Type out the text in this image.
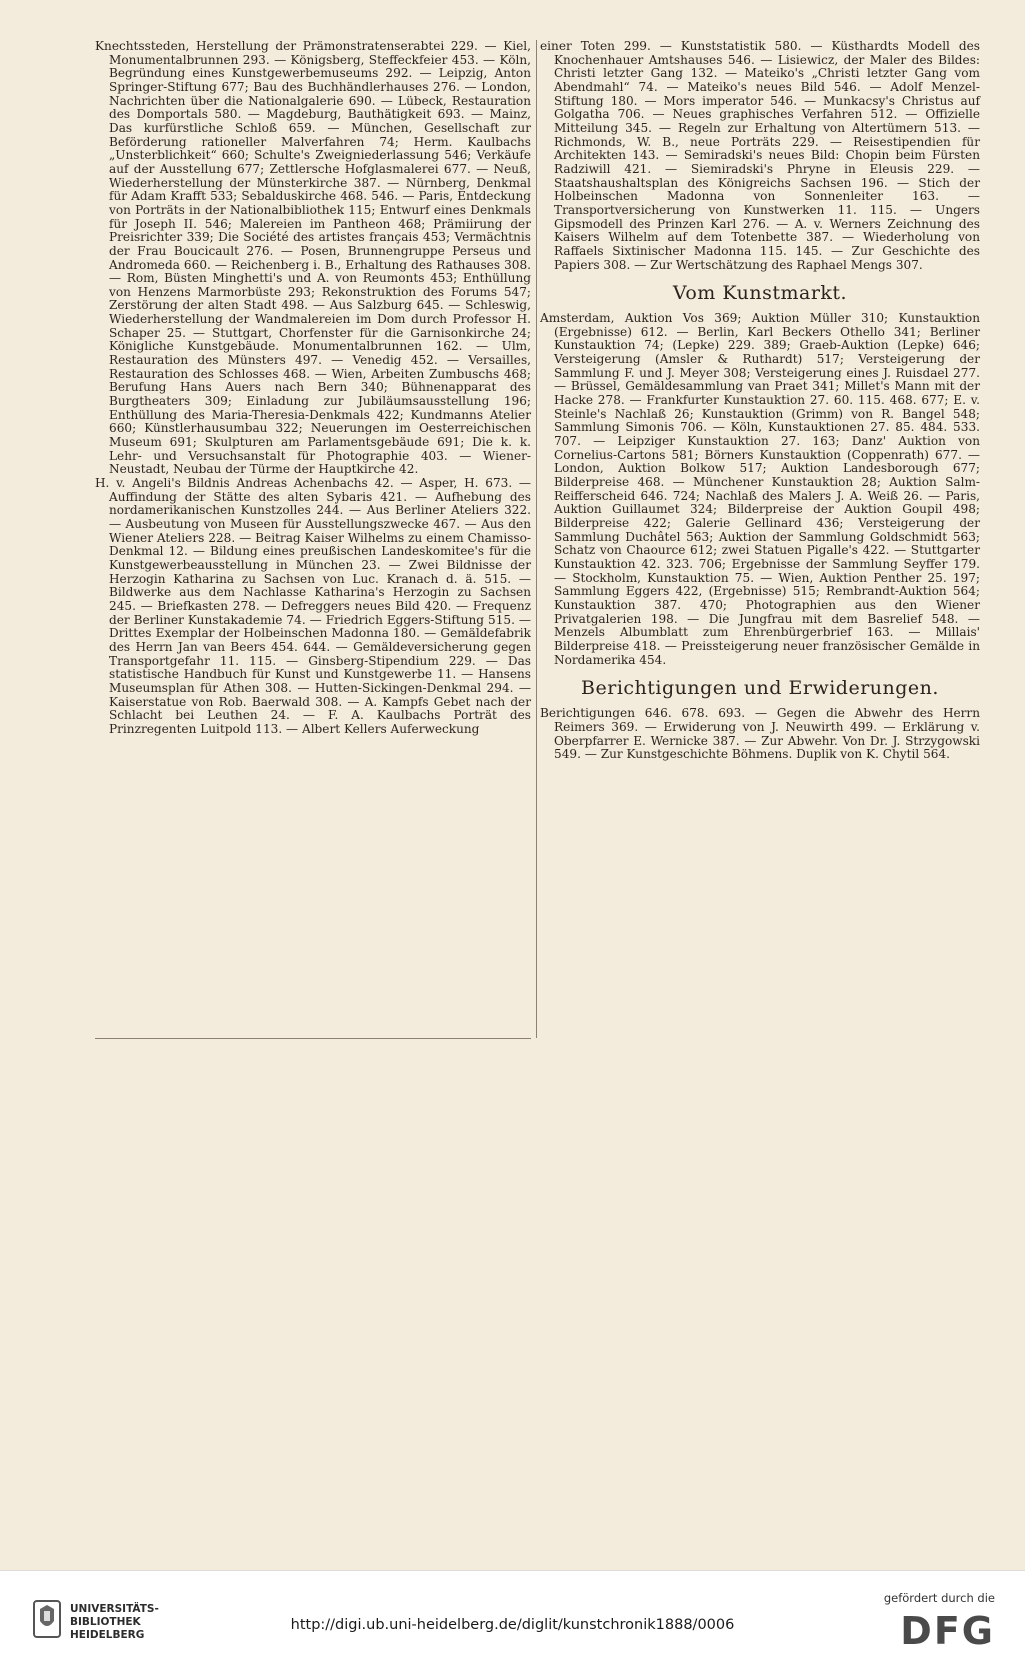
Knechtssteden, Herstellung der Prämonstratenserabtei 229. — Kiel, Monumentalbrunnen 293. — Königsberg, Steffeckfeier 453. — Köln, Begründung eines Kunstgewerbemuseums 292. — Leipzig, Anton Springer-Stiftung 677; Bau des Buchhändlerhauses 276. — London, Nachrichten über die Nationalgalerie 690. — Lübeck, Restauration des Domportals 580. — Magdeburg, Bauthätigkeit 693. — Mainz, Das kurfürstliche Schloß 659. — München, Gesellschaft zur Beförderung rationeller Malverfahren 74; Herm. Kaulbachs „Unsterblichkeit“ 660; Schulte's Zweigniederlassung 546; Verkäufe auf der Ausstellung 677; Zettlersche Hofglasmalerei 677. — Neuß, Wiederherstellung der Münsterkirche 387. — Nürnberg, Denkmal für Adam Krafft 533; Sebalduskirche 468. 546. — Paris, Entdeckung von Porträts in der Nationalbibliothek 115; Entwurf eines Denkmals für Joseph II. 546; Malereien im Pantheon 468; Prämiirung der Preisrichter 339; Die Société des artistes français 453; Vermächtnis der Frau Boucicault 276. — Posen, Brunnengruppe Perseus und Andromeda 660. — Reichenberg i. B., Erhaltung des Rathauses 308. — Rom, Büsten Minghetti's und A. von Reumonts 453; Enthüllung von Henzens Marmorbüste 293; Rekonstruktion des Forums 547; Zerstörung der alten Stadt 498. — Aus Salzburg 645. — Schleswig, Wiederherstellung der Wandmalereien im Dom durch Professor H. Schaper 25. — Stuttgart, Chorfenster für die Garnisonkirche 24; Königliche Kunstgebäude. Monumentalbrunnen 162. — Ulm, Restauration des Münsters 497. — Venedig 452. — Versailles, Restauration des Schlosses 468. — Wien, Arbeiten Zumbuschs 468; Berufung Hans Auers nach Bern 340; Bühnenapparat des Burgtheaters 309; Einladung zur Jubiläumsausstellung 196; Enthüllung des Maria-Theresia-Denkmals 422; Kundmanns Atelier 660; Künstlerhausumbau 322; Neuerungen im Oesterreichischen Museum 691; Skulpturen am Parlamentsgebäude 691; Die k. k. Lehr- und Versuchsanstalt für Photographie 403. — Wiener-Neustadt, Neubau der Türme der Hauptkirche 42.

H. v. Angeli's Bildnis Andreas Achenbachs 42. — Asper, H. 673. — Auffindung der Stätte des alten Sybaris 421. — Aufhebung des nordamerikanischen Kunstzolles 244. — Aus Berliner Ateliers 322. — Ausbeutung von Museen für Ausstellungszwecke 467. — Aus den Wiener Ateliers 228. — Beitrag Kaiser Wilhelms zu einem Chamisso-Denkmal 12. — Bildung eines preußischen Landeskomitee's für die Kunstgewerbeausstellung in München 23. — Zwei Bildnisse der Herzogin Katharina zu Sachsen von Luc. Kranach d. ä. 515. — Bildwerke aus dem Nachlasse Katharina's Herzogin zu Sachsen 245. — Briefkasten 278. — Defreggers neues Bild 420. — Frequenz der Berliner Kunstakademie 74. — Friedrich Eggers-Stiftung 515. — Drittes Exemplar der Holbeinschen Madonna 180. — Gemäldefabrik des Herrn Jan van Beers 454. 644. — Gemäldeversicherung gegen Transportgefahr 11. 115. — Ginsberg-Stipendium 229. — Das statistische Handbuch für Kunst und Kunstgewerbe 11. — Hansens Museumsplan für Athen 308. — Hutten-Sickingen-Denkmal 294. — Kaiserstatue von Rob. Baerwald 308. — A. Kampfs Gebet nach der Schlacht bei Leuthen 24. — F. A. Kaulbachs Porträt des Prinzregenten Luitpold 113. — Albert Kellers Auferweckung

einer Toten 299. — Kunststatistik 580. — Küsthardts Modell des Knochenhauer Amtshauses 546. — Lisiewicz, der Maler des Bildes: Christi letzter Gang 132. — Mateiko's „Christi letzter Gang vom Abendmahl“ 74. — Mateiko's neues Bild 546. — Adolf Menzel-Stiftung 180. — Mors imperator 546. — Munkacsy's Christus auf Golgatha 706. — Neues graphisches Verfahren 512. — Offizielle Mitteilung 345. — Regeln zur Erhaltung von Altertümern 513. — Richmonds, W. B., neue Porträts 229. — Reisestipendien für Architekten 143. — Semiradski's neues Bild: Chopin beim Fürsten Radziwill 421. — Siemiradski's Phryne in Eleusis 229. — Staatshaushaltsplan des Königreichs Sachsen 196. — Stich der Holbeinschen Madonna von Sonnenleiter 163. — Transportversicherung von Kunstwerken 11. 115. — Ungers Gipsmodell des Prinzen Karl 276. — A. v. Werners Zeichnung des Kaisers Wilhelm auf dem Totenbette 387. — Wiederholung von Raffaels Sixtinischer Madonna 115. 145. — Zur Geschichte des Papiers 308. — Zur Wertschätzung des Raphael Mengs 307.

Vom Kunstmarkt.

Amsterdam, Auktion Vos 369; Auktion Müller 310; Kunstauktion (Ergebnisse) 612. — Berlin, Karl Beckers Othello 341; Berliner Kunstauktion 74; (Lepke) 229. 389; Graeb-Auktion (Lepke) 646; Versteigerung (Amsler & Ruthardt) 517; Versteigerung der Sammlung F. und J. Meyer 308; Versteigerung eines J. Ruisdael 277. — Brüssel, Gemäldesammlung van Praet 341; Millet's Mann mit der Hacke 278. — Frankfurter Kunstauktion 27. 60. 115. 468. 677; E. v. Steinle's Nachlaß 26; Kunstauktion (Grimm) von R. Bangel 548; Sammlung Simonis 706. — Köln, Kunstauktionen 27. 85. 484. 533. 707. — Leipziger Kunstauktion 27. 163; Danz' Auktion von Cornelius-Cartons 581; Börners Kunstauktion (Coppenrath) 677. — London, Auktion Bolkow 517; Auktion Landesborough 677; Bilderpreise 468. — Münchener Kunstauktion 28; Auktion Salm-Reifferscheid 646. 724; Nachlaß des Malers J. A. Weiß 26. — Paris, Auktion Guillaumet 324; Bilderpreise der Auktion Goupil 498; Bilderpreise 422; Galerie Gellinard 436; Versteigerung der Sammlung Duchâtel 563; Auktion der Sammlung Goldschmidt 563; Schatz von Chaource 612; zwei Statuen Pigalle's 422. — Stuttgarter Kunstauktion 42. 323. 706; Ergebnisse der Sammlung Seyffer 179. — Stockholm, Kunstauktion 75. — Wien, Auktion Penther 25. 197; Sammlung Eggers 422, (Ergebnisse) 515; Rembrandt-Auktion 564; Kunstauktion 387. 470; Photographien aus den Wiener Privatgalerien 198. — Die Jungfrau mit dem Basrelief 548. — Menzels Albumblatt zum Ehrenbürgerbrief 163. — Millais' Bilderpreise 418. — Preissteigerung neuer französischer Gemälde in Nordamerika 454.

Berichtigungen und Erwiderungen.

Berichtigungen 646. 678. 693. — Gegen die Abwehr des Herrn Reimers 369. — Erwiderung von J. Neuwirth 499. — Erklärung v. Oberpfarrer E. Wernicke 387. — Zur Abwehr. Von Dr. J. Strzygowski 549. — Zur Kunstgeschichte Böhmens. Duplik von K. Chytil 564.

UNIVERSITÄTS-
BIBLIOTHEK
HEIDELBERG
http://digi.ub.uni-heidelberg.de/diglit/kunstchronik1888/0006
gefördert durch die
DFG
